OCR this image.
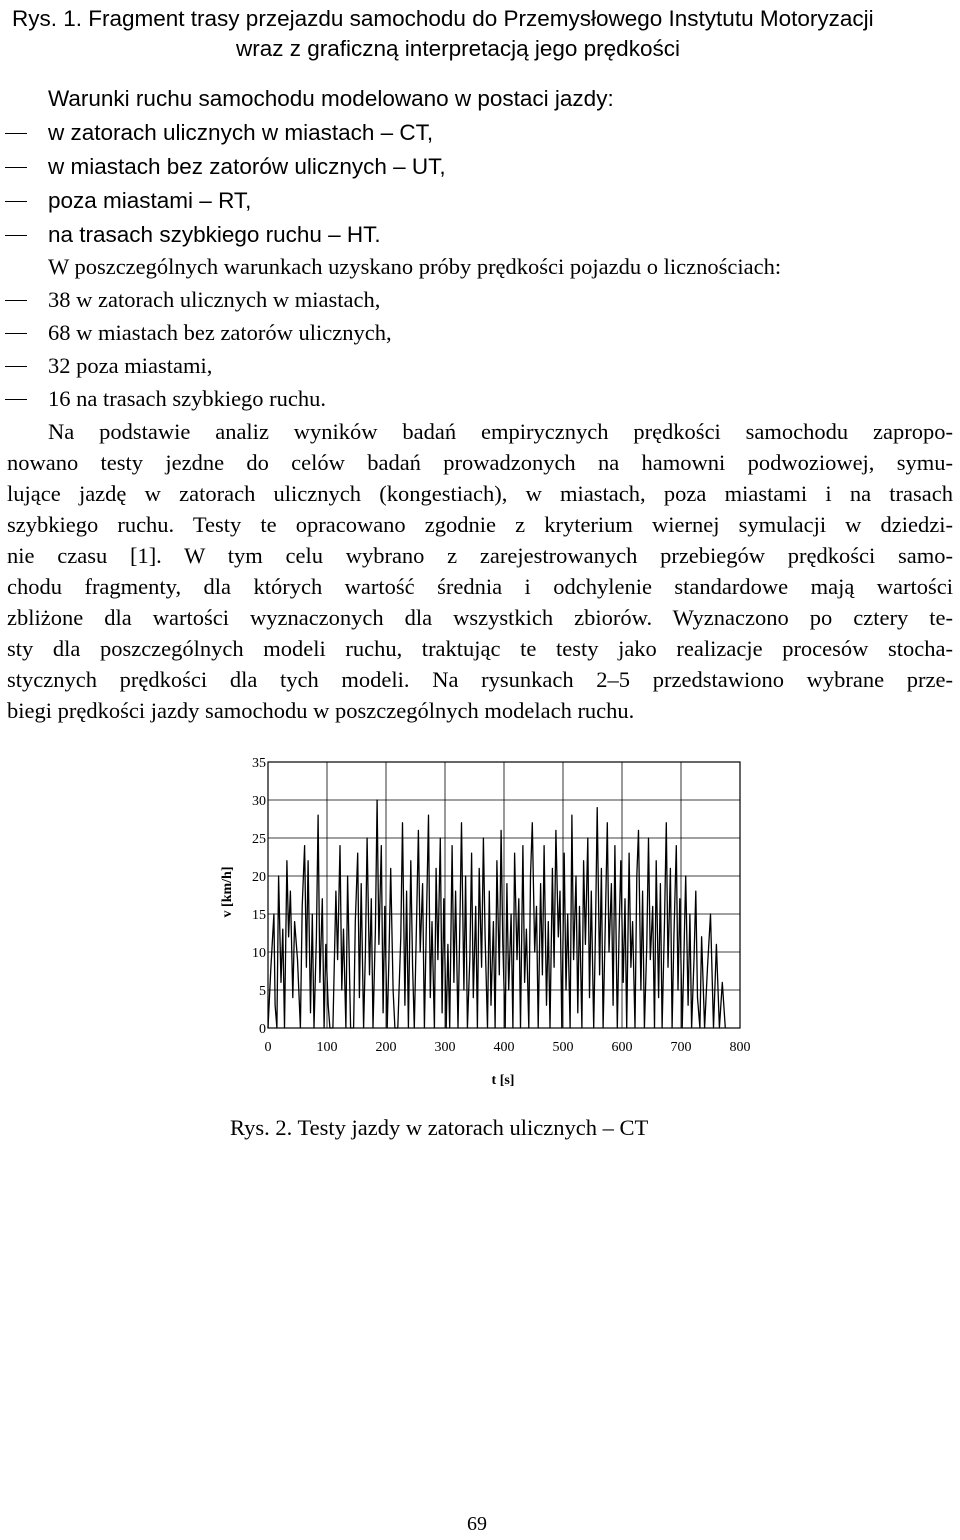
Rys. 1. Fragment trasy przejazdu samochodu do Przemysłowego Instytutu Motoryzacji
wraz z graficzną interpretacją jego prędkości
Warunki ruchu samochodu modelowano w postaci jazdy:
w zatorach ulicznych w miastach – CT,
w miastach bez zatorów ulicznych – UT,
poza miastami – RT,
na trasach szybkiego ruchu – HT.
W poszczególnych warunkach uzyskano próby prędkości pojazdu o licznościach:
38 w zatorach ulicznych w miastach,
68 w miastach bez zatorów ulicznych,
32 poza miastami,
16 na trasach szybkiego ruchu.
Na podstawie analiz wyników badań empirycznych prędkości samochodu zapropo-
nowano testy jezdne do celów badań prowadzonych na hamowni podwoziowej, symu-
lujące jazdę w zatorach ulicznych (kongestiach), w miastach, poza miastami i na trasach
szybkiego ruchu. Testy te opracowano zgodnie z kryterium wiernej symulacji w dziedzi-
nie czasu [1]. W tym celu wybrano z zarejestrowanych przebiegów prędkości samo-
chodu fragmenty, dla których wartość średnia i odchylenie standardowe mają wartości
zbliżone dla wartości wyznaczonych dla wszystkich zbiorów. Wyznaczono po cztery te-
sty dla poszczególnych modeli ruchu, traktując te testy jako realizacje procesów stocha-
stycznych prędkości dla tych modeli. Na rysunkach 2–5 przedstawiono wybrane prze-
biegi prędkości jazdy samochodu w poszczególnych modelach ruchu.
0
5
10
15
20
25
30
35
0	100	200	300	400	500	600	700	800
v [km/h]
t [s]
Rys. 2. Testy jazdy w zatorach ulicznych – CT
69
